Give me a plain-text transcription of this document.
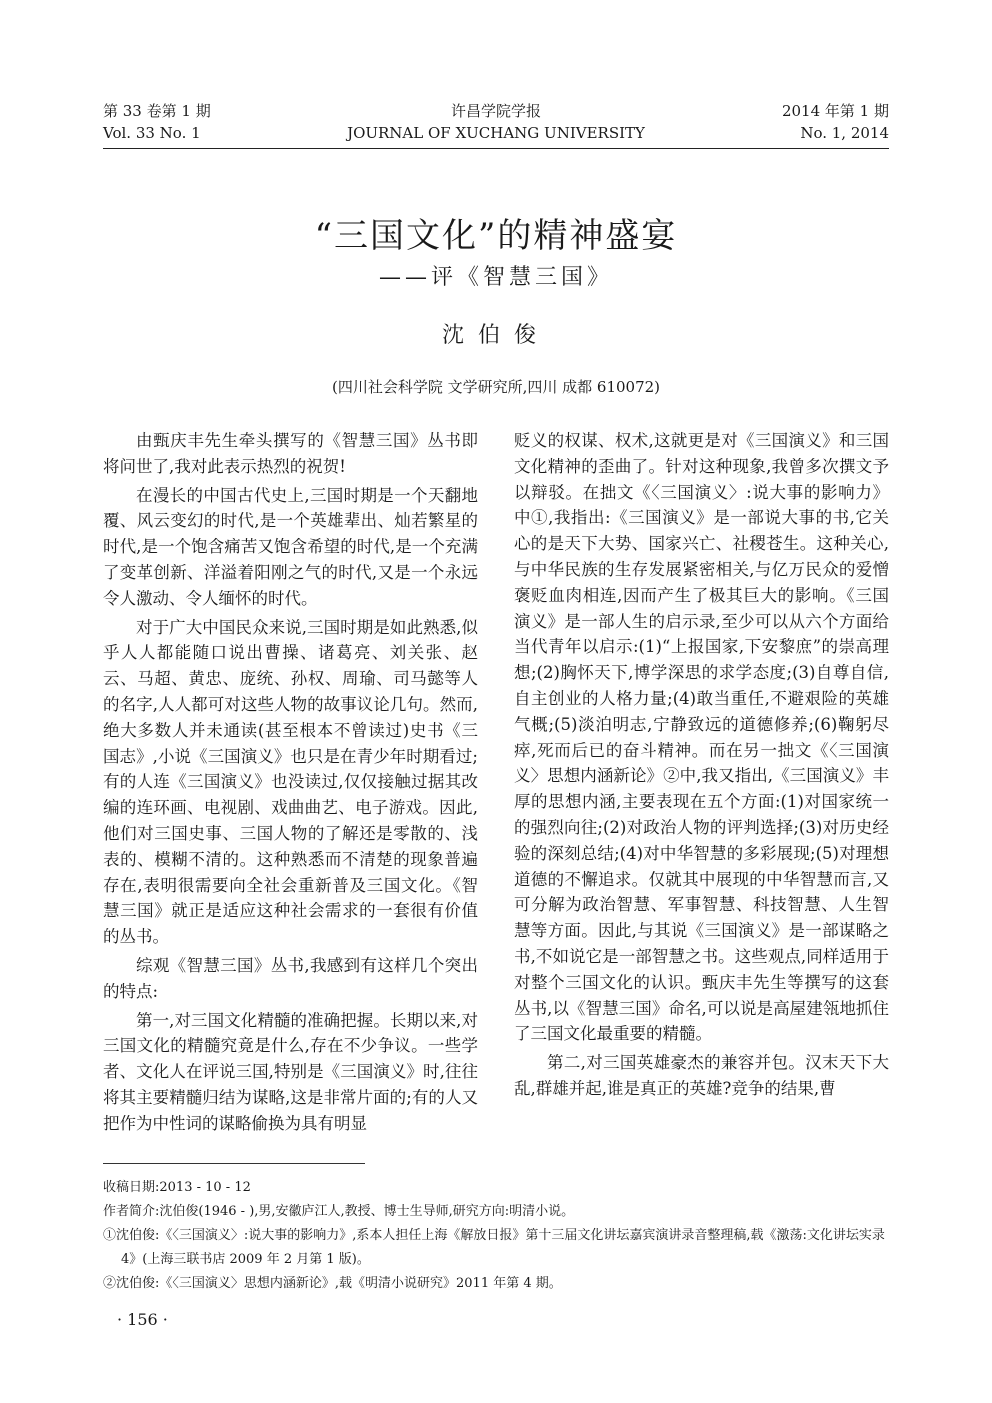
第 33 卷第 1 期
Vol. 33 No. 1
许昌学院学报
JOURNAL OF XUCHANG UNIVERSITY
2014 年第 1 期
No. 1, 2014
“三国文化”的精神盛宴
——评《智慧三国》
沈伯俊
(四川社会科学院 文学研究所,四川 成都 610072)

由甄庆丰先生牵头撰写的《智慧三国》丛书即将问世了,我对此表示热烈的祝贺!

在漫长的中国古代史上,三国时期是一个天翻地覆、风云变幻的时代,是一个英雄辈出、灿若繁星的时代,是一个饱含痛苦又饱含希望的时代,是一个充满了变革创新、洋溢着阳刚之气的时代,又是一个永远令人激动、令人缅怀的时代。

对于广大中国民众来说,三国时期是如此熟悉,似乎人人都能随口说出曹操、诸葛亮、刘关张、赵云、马超、黄忠、庞统、孙权、周瑜、司马懿等人的名字,人人都可对这些人物的故事议论几句。然而,绝大多数人并未通读(甚至根本不曾读过)史书《三国志》,小说《三国演义》也只是在青少年时期看过;有的人连《三国演义》也没读过,仅仅接触过据其改编的连环画、电视剧、戏曲曲艺、电子游戏。因此,他们对三国史事、三国人物的了解还是零散的、浅表的、模糊不清的。这种熟悉而不清楚的现象普遍存在,表明很需要向全社会重新普及三国文化。《智慧三国》就正是适应这种社会需求的一套很有价值的丛书。

综观《智慧三国》丛书,我感到有这样几个突出的特点:

第一,对三国文化精髓的准确把握。长期以来,对三国文化的精髓究竟是什么,存在不少争议。一些学者、文化人在评说三国,特别是《三国演义》时,往往将其主要精髓归结为谋略,这是非常片面的;有的人又把作为中性词的谋略偷换为具有明显

贬义的权谋、权术,这就更是对《三国演义》和三国文化精神的歪曲了。针对这种现象,我曾多次撰文予以辩驳。在拙文《〈三国演义〉:说大事的影响力》中①,我指出:《三国演义》是一部说大事的书,它关心的是天下大势、国家兴亡、社稷苍生。这种关心,与中华民族的生存发展紧密相关,与亿万民众的爱憎褒贬血肉相连,因而产生了极其巨大的影响。《三国演义》是一部人生的启示录,至少可以从六个方面给当代青年以启示:(1)“上报国家,下安黎庶”的崇高理想;(2)胸怀天下,博学深思的求学态度;(3)自尊自信,自主创业的人格力量;(4)敢当重任,不避艰险的英雄气概;(5)淡泊明志,宁静致远的道德修养;(6)鞠躬尽瘁,死而后已的奋斗精神。而在另一拙文《〈三国演义〉思想内涵新论》②中,我又指出,《三国演义》丰厚的思想内涵,主要表现在五个方面:(1)对国家统一的强烈向往;(2)对政治人物的评判选择;(3)对历史经验的深刻总结;(4)对中华智慧的多彩展现;(5)对理想道德的不懈追求。仅就其中展现的中华智慧而言,又可分解为政治智慧、军事智慧、科技智慧、人生智慧等方面。因此,与其说《三国演义》是一部谋略之书,不如说它是一部智慧之书。这些观点,同样适用于对整个三国文化的认识。甄庆丰先生等撰写的这套丛书,以《智慧三国》命名,可以说是高屋建瓴地抓住了三国文化最重要的精髓。

第二,对三国英雄豪杰的兼容并包。汉末天下大乱,群雄并起,谁是真正的英雄?竞争的结果,曹

收稿日期:2013 - 10 - 12
作者简介:沈伯俊(1946 - ),男,安徽庐江人,教授、博士生导师,研究方向:明清小说。
①沈伯俊:《〈三国演义〉:说大事的影响力》,系本人担任上海《解放日报》第十三届文化讲坛嘉宾演讲录音整理稿,载《激荡:文化讲坛实录 4》(上海三联书店 2009 年 2 月第 1 版)。
②沈伯俊:《〈三国演义〉思想内涵新论》,载《明清小说研究》2011 年第 4 期。
· 156 ·
